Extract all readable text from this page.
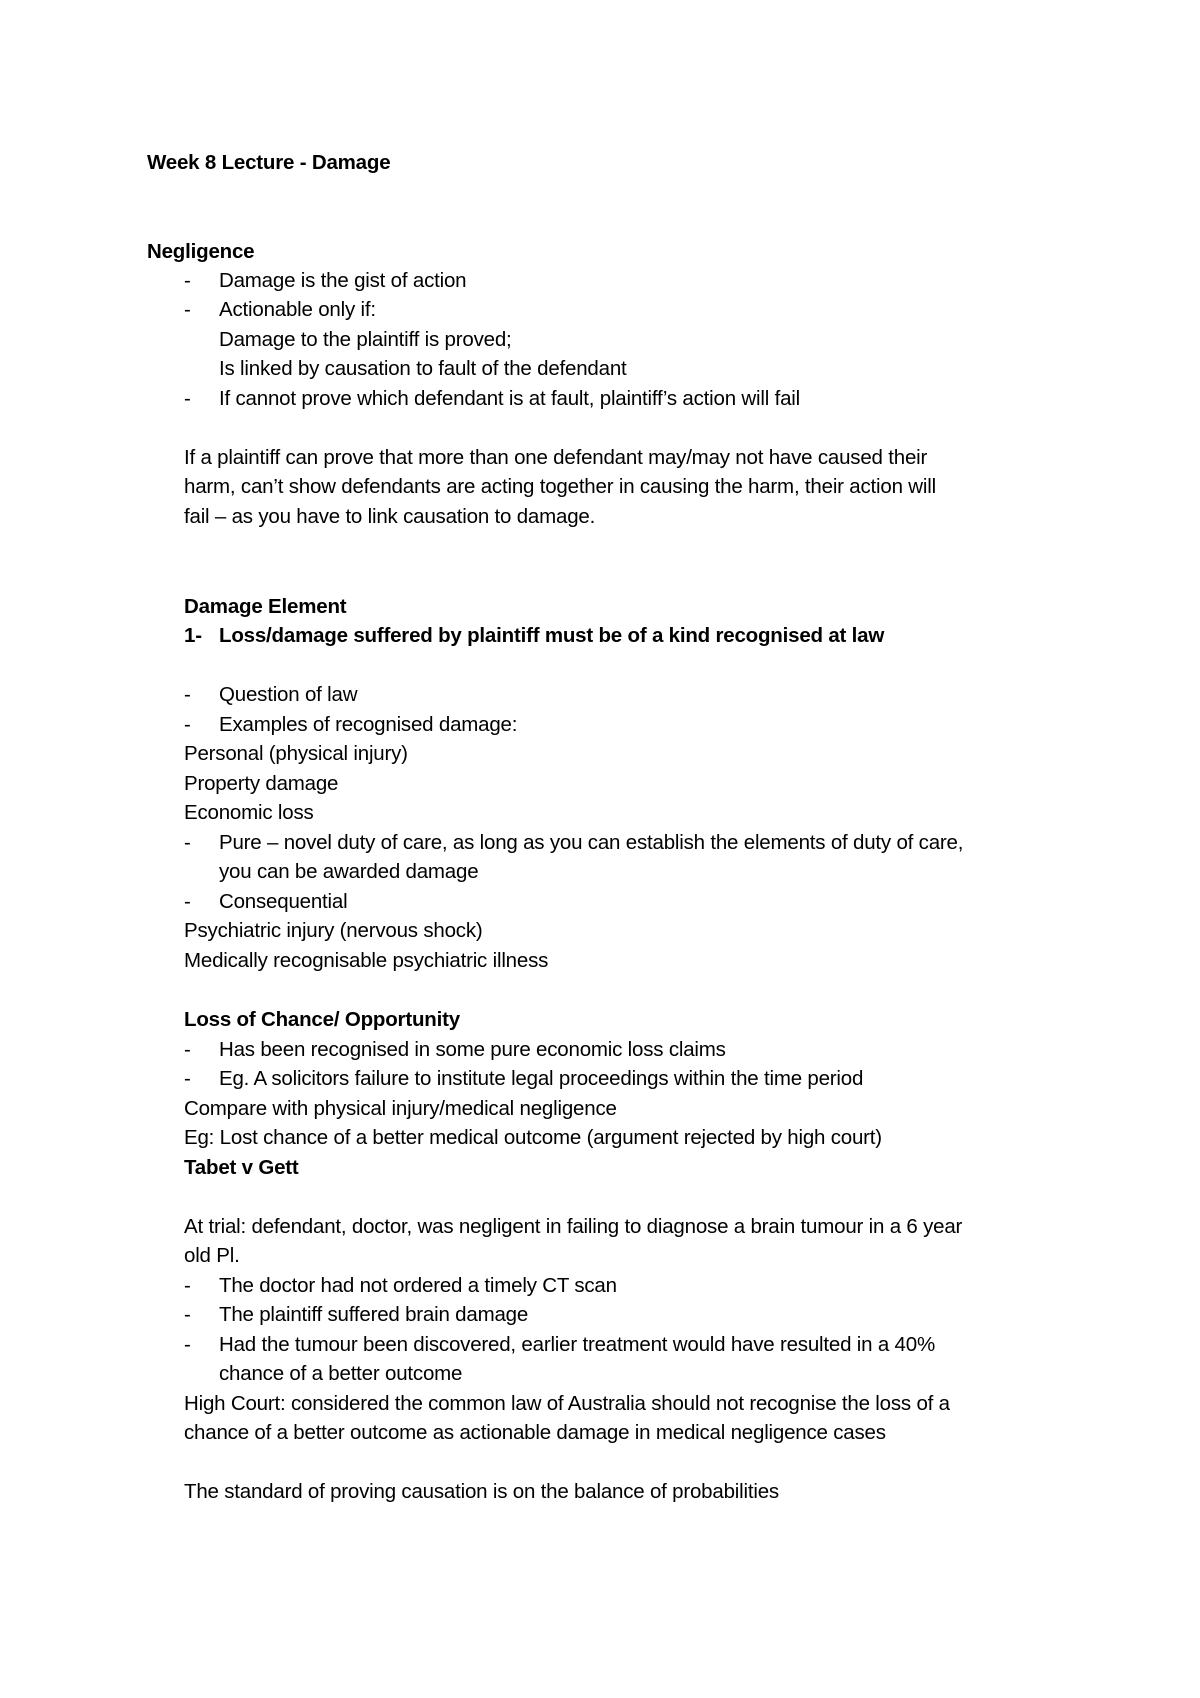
Week 8 Lecture - Damage
Negligence
- Damage is the gist of action
- Actionable only if:
Damage to the plaintiff is proved;
Is linked by causation to fault of the defendant
- If cannot prove which defendant is at fault, plaintiff’s action will fail
If a plaintiff can prove that more than one defendant may/may not have caused their
harm, can’t show defendants are acting together in causing the harm, their action will
fail – as you have to link causation to damage.
Damage Element
1- Loss/damage suffered by plaintiff must be of a kind recognised at law
- Question of law
- Examples of recognised damage:
Personal (physical injury)
Property damage
Economic loss
- Pure – novel duty of care, as long as you can establish the elements of duty of care,
you can be awarded damage
- Consequential
Psychiatric injury (nervous shock)
Medically recognisable psychiatric illness
Loss of Chance/ Opportunity
- Has been recognised in some pure economic loss claims
- Eg. A solicitors failure to institute legal proceedings within the time period
Compare with physical injury/medical negligence
Eg: Lost chance of a better medical outcome (argument rejected by high court)
Tabet v Gett
At trial: defendant, doctor, was negligent in failing to diagnose a brain tumour in a 6 year
old Pl.
- The doctor had not ordered a timely CT scan
- The plaintiff suffered brain damage
- Had the tumour been discovered, earlier treatment would have resulted in a 40%
chance of a better outcome
High Court: considered the common law of Australia should not recognise the loss of a
chance of a better outcome as actionable damage in medical negligence cases
The standard of proving causation is on the balance of probabilities
